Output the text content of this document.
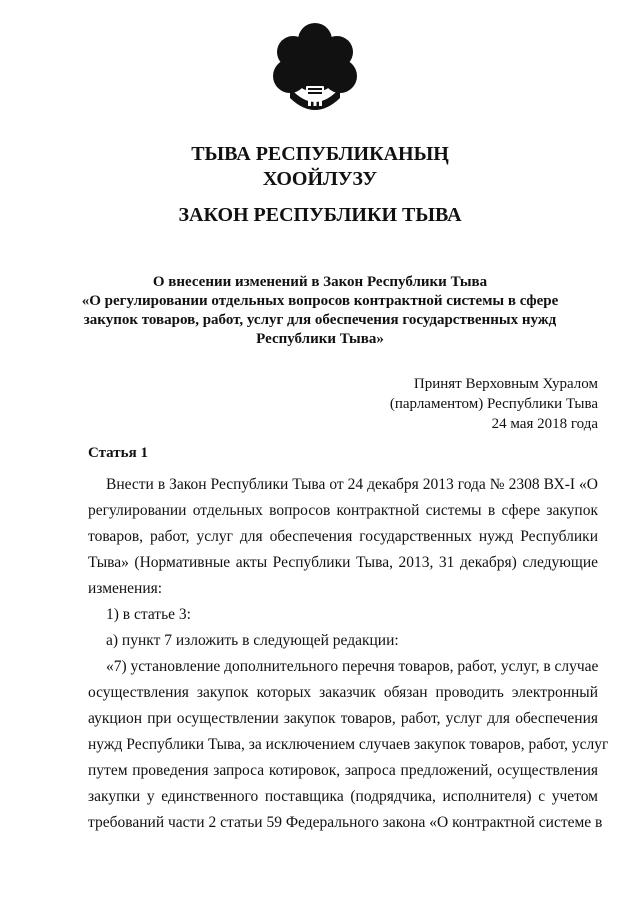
ТЫВА РЕСПУБЛИКАНЫҢ
ХООЙЛУЗУ
ЗАКОН РЕСПУБЛИКИ ТЫВА
О внесении изменений в Закон Республики Тыва
«О регулировании отдельных вопросов контрактной системы в сфере
закупок товаров, работ, услуг для обеспечения государственных нужд
Республики Тыва»
Принят Верховным Хуралом
(парламентом) Республики Тыва
24 мая 2018 года
Статья 1
Внести в Закон Республики Тыва от 24 декабря 2013 года № 2308 ВХ-I «О
регулировании отдельных вопросов контрактной системы в сфере закупок
товаров, работ, услуг для обеспечения государственных нужд Республики
Тыва» (Нормативные акты Республики Тыва, 2013, 31 декабря) следующие
изменения:
1) в статье 3:
а) пункт 7 изложить в следующей редакции:
«7) установление дополнительного перечня товаров, работ, услуг, в случае
осуществления закупок которых заказчик обязан проводить электронный
аукцион при осуществлении закупок товаров, работ, услуг для обеспечения
нужд Республики Тыва, за исключением случаев закупок товаров, работ, услуг
путем проведения запроса котировок, запроса предложений, осуществления
закупки у единственного поставщика (подрядчика, исполнителя) с учетом
требований части 2 статьи 59 Федерального закона «О контрактной системе в
